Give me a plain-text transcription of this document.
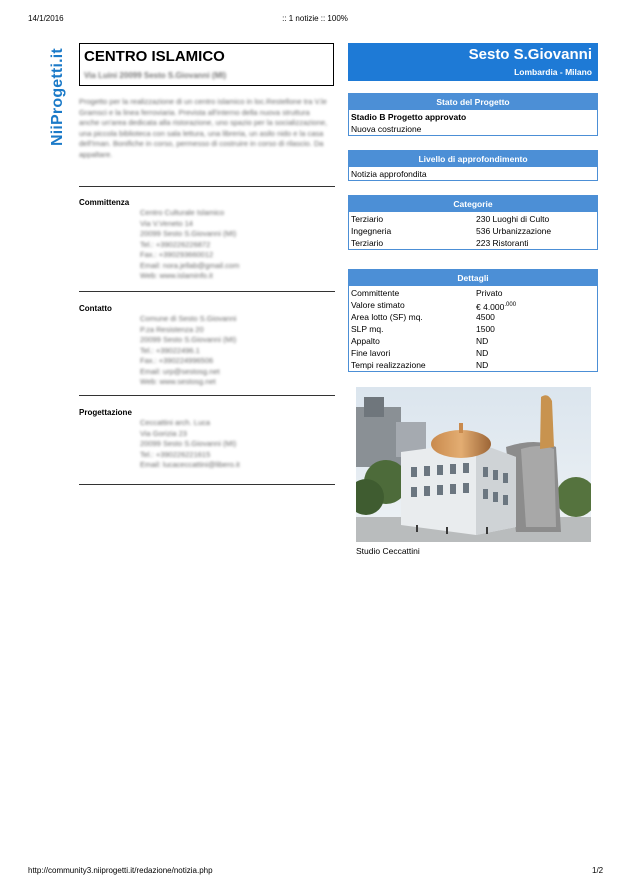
14/1/2016	:: 1 notizie :: 100%
NiiProgetti.it CENTRO ISLAMICO
Via Luini 20099 Sesto S.Giovanni (MI)
Progetto per la realizzazione di un centro islamico in loc.Restellone tra V.le Gramsci e la linea ferroviaria. Prevista all'interno della nuova struttura anche un'area dedicata alla ristorazione, uno spazio per la socializzazione, una piccola biblioteca con sala lettura, una libreria, un asilo nido e la casa dell'Iman. Bonifiche in corso, permesso di costruire in corso di rilascio. Da appaltare.
Committenza
Centro Culturale Islamico
Via V.Veneto 14
20099 Sesto S.Giovanni (MI)
Tel.: +390226226872
Fax.: +390293660012
Email: nora.jellab@gmail.com
Web: www.islaminfo.it
Contatto
Comune di Sesto S.Giovanni
P.za Resistenza 20
20099 Sesto S.Giovanni (MI)
Tel.: +39022496.1
Fax.: +390224996506
Email: urp@sestosg.net
Web: www.sestosg.net
Progettazione
Ceccattini arch. Luca
Via Gorizia 23
20099 Sesto S.Giovanni (MI)
Tel.: +390226221615
Email: lucaceccattini@libero.it
Sesto S.Giovanni
Lombardia - Milano
Stato del Progetto
Stadio B Progetto approvato
Nuova costruzione
Livello di approfondimento
Notizia approfondita
Categorie
Terziario	230 Luoghi di Culto
Ingegneria	536 Urbanizzazione
Terziario	223 Ristoranti
Dettagli
Committente	Privato
Valore stimato	€ $4.000^{.000}$
Area lotto (SF) mq.	4500
SLP mq.	1500
Appalto	ND
Fine lavori	ND
Tempi realizzazione	ND
Studio Ceccattini
http://community3.niiprogetti.it/redazione/notizia.php	1/2
